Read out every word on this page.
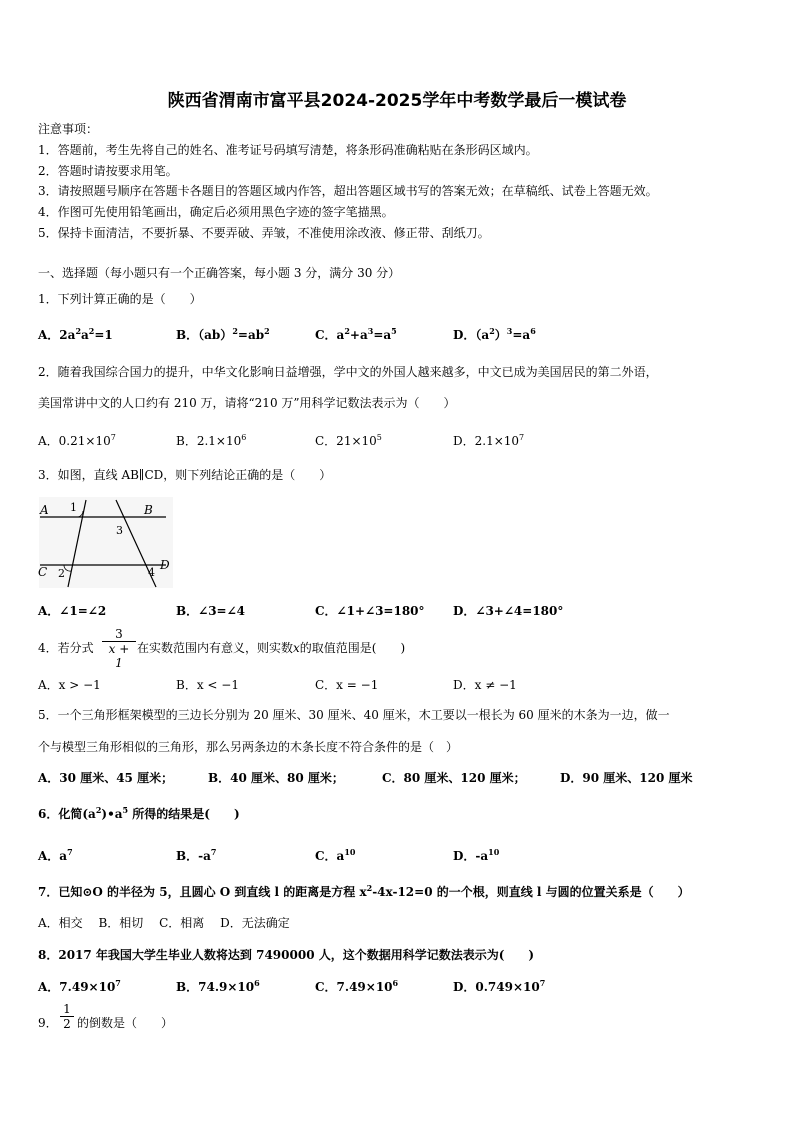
陕西省渭南市富平县2024-2025学年中考数学最后一模试卷
注意事项：
1．答题前，考生先将自己的姓名、准考证号码填写清楚，将条形码准确粘贴在条形码区域内。
2．答题时请按要求用笔。
3．请按照题号顺序在答题卡各题目的答题区域内作答，超出答题区域书写的答案无效；在草稿纸、试卷上答题无效。
4．作图可先使用铅笔画出，确定后必须用黑色字迹的签字笔描黑。
5．保持卡面清洁，不要折暴、不要弄破、弄皱，不准使用涂改液、修正带、刮纸刀。
一、选择题（每小题只有一个正确答案，每小题 3 分，满分 30 分）
1．下列计算正确的是（　　）
A．$2a^2a^2=1$	B．$(ab)^2=ab^2$	C．$a^2+a^3=a^5$	D．$(a^2)^3=a^6$
2．随着我国综合国力的提升，中华文化影响日益增强，学中文的外国人越来越多，中文已成为美国居民的第二外语，
美国常讲中文的人口约有 210 万，请将“210 万”用科学记数法表示为（　　）
A．$0.21\times 10^7$	B．$2.1\times 10^6$	C．$21\times 10^5$	D．$2.1\times 10^7$
3．如图，直线 AB∥CD，则下列结论正确的是（　　）
A	B
C	D
1
2
3
4
A．∠1=∠2	B．∠3=∠4	C．∠1+∠3=180° D．∠3+∠4=180°
4．若分式 $\frac{3}{x + 1}$ 在实数范围内有意义，则实数x的取值范围是(　　)
A．x > −1	B．x < −1	C．x = −1	D．x ≠ −1
5．一个三角形框架模型的三边长分别为 20 厘米、30 厘米、40 厘米，木工要以一根长为 60 厘米的木条为一边，做一
个与模型三角形相似的三角形，那么另两条边的木条长度不符合条件的是（　）
A．30 厘米、45 厘米；	B．40 厘米、80 厘米；	C．80 厘米、120 厘米；	D．90 厘米、120 厘米
6．化简$(a^2)•a^5$ 所得的结果是(　　)
A．$a^7$	B．$-a^7$	C．$a^{10}$	D．$-a^{10}$
7．已知⊙O 的半径为 5，且圆心 O 到直线 l 的距离是方程 $x^2-4x-12=0$ 的一个根，则直线 l 与圆的位置关系是（　　）
A．相交　 B．相切　 C．相离　 D．无法确定
8．2017 年我国大学生毕业人数将达到 7490000 人，这个数据用科学记数法表示为(　　)
A．$7.49\times 10^7$	B．$74.9\times 10^6$	C．$7.49\times 10^6$	D．$0.749\times 10^7$
9． $\frac{1}{2}$ 的倒数是（　　）
